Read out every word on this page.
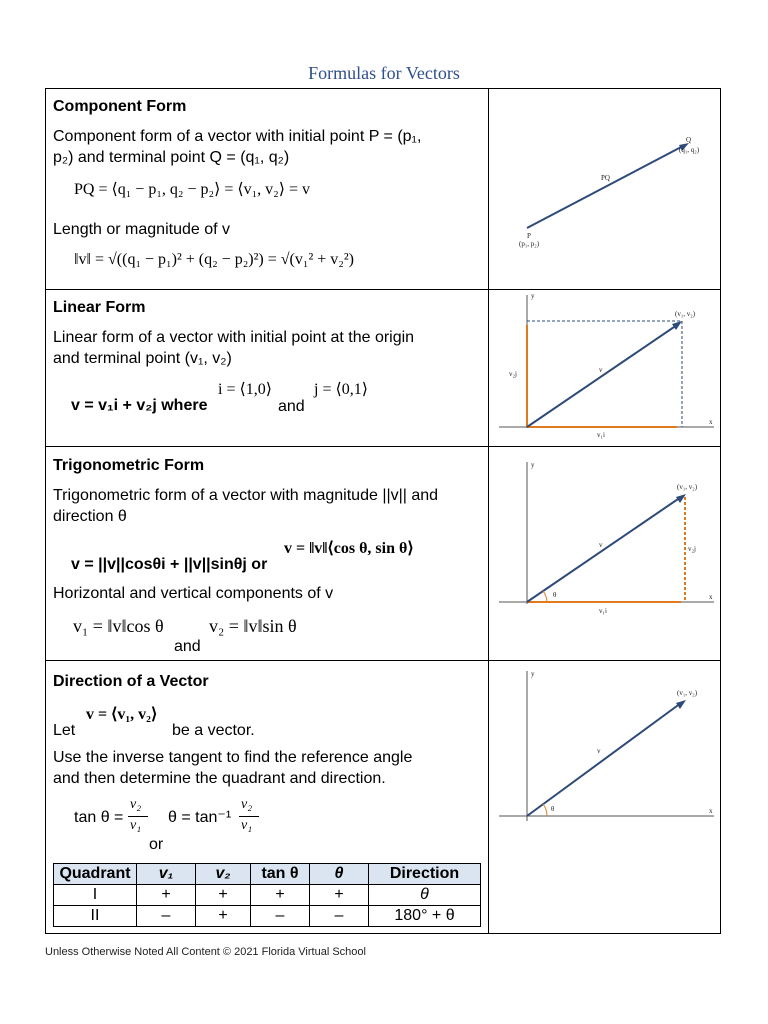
Formulas for Vectors
Component Form
Component form of a vector with initial point P = (p₁,
p₂) and terminal point Q = (q₁, q₂)
PQ = ⟨q₁ − p₁, q₂ − p₂⟩ = ⟨v₁, v₂⟩ = v
Length or magnitude of v
‖v‖ = √((q₁ − p₁)² + (q₂ − p₂)²) = √(v₁² + v₂²)
Q
(q₁, q₂)
PQ
P
(p₁, p₂)
Linear Form
Linear form of a vector with initial point at the origin
and terminal point (v₁, v₂)
v = v₁i + v₂j where
i = ⟨1,0⟩
and
j = ⟨0,1⟩
y
x
(v₁, v₂)
v
v₂j
v₁i
Trigonometric Form
Trigonometric form of a vector with magnitude ||v|| and
direction θ
v = ‖v‖⟨cos θ, sin θ⟩
v = ||v||cosθi + ||v||sinθj or
Horizontal and vertical components of v
v₁ = ‖v‖cos θ
and
v₂ = ‖v‖sin θ
y
x
(v₁, v₂)
v	v₂j
v₁i
θ
Direction of a Vector
v = ⟨v₁, v₂⟩
Let	be a vector.
Use the inverse tangent to find the reference angle
and then determine the quadrant and direction.
tan θ =
v₂
v₁
or
θ = tan⁻¹
v₂
v₁
Quadrant	v₁	v₂	tan θ	θ	Direction
I	+	+	+	+	θ
II	–	+	–	–	180° + θ
y
x
(v₁, v₂)
v
θ
Unless Otherwise Noted All Content © 2021 Florida Virtual School
